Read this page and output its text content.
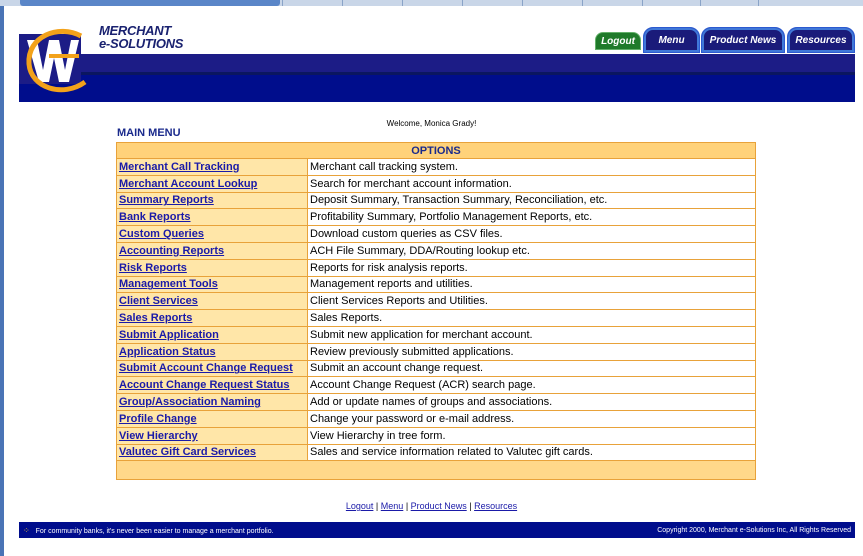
MERCHANT
e-SOLUTIONS	Logout Menu	Product News Resources
Welcome, Monica Grady!
MAIN MENU
OPTIONS	
Merchant Call Tracking	Merchant call tracking system.
Merchant Account Lookup	Search for merchant account information.
Summary Reports	Deposit Summary, Transaction Summary, Reconciliation, etc.
Bank Reports	Profitability Summary, Portfolio Management Reports, etc.
Custom Queries	Download custom queries as CSV files.
Accounting Reports	ACH File Summary, DDA/Routing lookup etc.
Risk Reports	Reports for risk analysis reports.
Management Tools	Management reports and utilities.
Client Services	Client Services Reports and Utilities.
Sales Reports	Sales Reports.
Submit Application	Submit new application for merchant account.
Application Status	Review previously submitted applications.
Submit Account Change Request	Submit an account change request.
Account Change Request Status	Account Change Request (ACR) search page.
Group/Association Naming	Add or update names of groups and associations.
Profile Change	Change your password or e-mail address.
View Hierarchy	View Hierarchy in tree form.
Valutec Gift Card Services	Sales and service information related to Valutec gift cards.

Logout | Menu | Product News | Resources
⁘ For community banks, it's never been easier to manage a merchant portfolio.	Copyright 2000, Merchant e-Solutions Inc, All Rights Reserved
